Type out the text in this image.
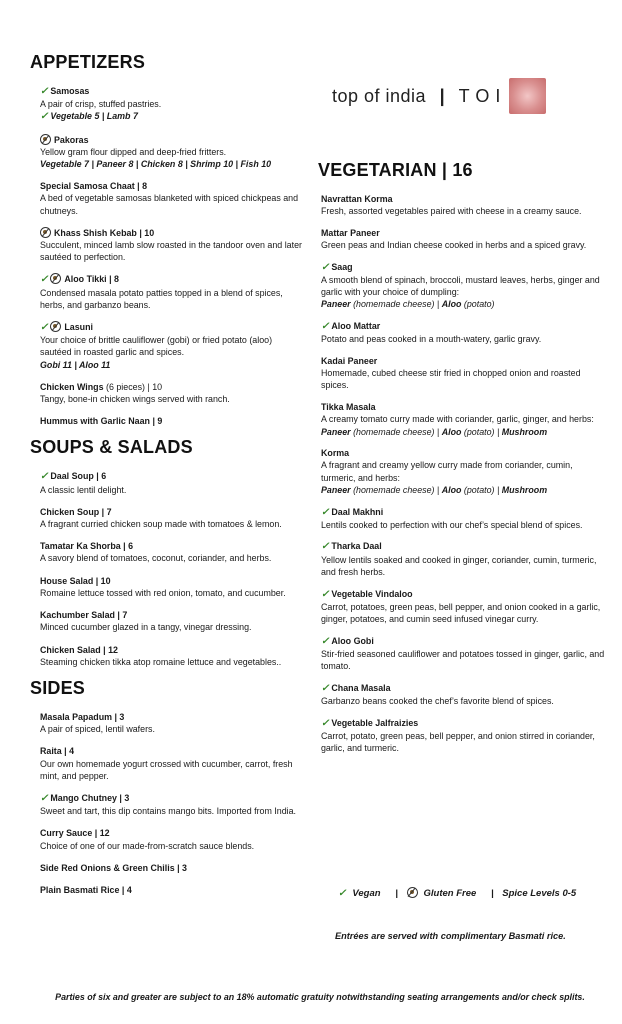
top of india | TOI
APPETIZERS
✓ Samosas
A pair of crisp, stuffed pastries.
✓ Vegetable 5 | Lamb 7
Pakoras
Yellow gram flour dipped and deep-fried fritters.
Vegetable 7 | Paneer 8 | Chicken 8 | Shrimp 10 | Fish 10
Special Samosa Chaat | 8
A bed of vegetable samosas blanketed with spiced chickpeas and chutneys.
Khass Shish Kebab | 10
Succulent, minced lamb slow roasted in the tandoor oven and later sautéed to perfection.
✓ Aloo Tikki | 8
Condensed masala potato patties topped in a blend of spices, herbs, and garbanzo beans.
✓ Lasuni
Your choice of brittle cauliflower (gobi) or fried potato (aloo) sautéed in roasted garlic and spices.
Gobi 11 | Aloo 11
Chicken Wings (6 pieces) | 10
Tangy, bone-in chicken wings served with ranch.
Hummus with Garlic Naan | 9
SOUPS & SALADS
✓ Daal Soup | 6
A classic lentil delight.
Chicken Soup | 7
A fragrant curried chicken soup made with tomatoes & lemon.
Tamatar Ka Shorba | 6
A savory blend of tomatoes, coconut, coriander, and herbs.
House Salad | 10
Romaine lettuce tossed with red onion, tomato, and cucumber.
Kachumber Salad | 7
Minced cucumber glazed in a tangy, vinegar dressing.
Chicken Salad | 12
Steaming chicken tikka atop romaine lettuce and vegetables..
SIDES
Masala Papadum | 3
A pair of spiced, lentil wafers.
Raita | 4
Our own homemade yogurt crossed with cucumber, carrot, fresh mint, and pepper.
✓ Mango Chutney | 3
Sweet and tart, this dip contains mango bits. Imported from India.
Curry Sauce | 12
Choice of one of our made-from-scratch sauce blends.
Side Red Onions & Green Chilis | 3
Plain Basmati Rice | 4
VEGETARIAN | 16
Navrattan Korma
Fresh, assorted vegetables paired with cheese in a creamy sauce.
Mattar Paneer
Green peas and Indian cheese cooked in herbs and a spiced gravy.
✓ Saag
A smooth blend of spinach, broccoli, mustard leaves, herbs, ginger and garlic with your choice of dumpling:
Paneer (homemade cheese) | Aloo (potato)
✓ Aloo Mattar
Potato and peas cooked in a mouth-watery, garlic gravy.
Kadai Paneer
Homemade, cubed cheese stir fried in chopped onion and roasted spices.
Tikka Masala
A creamy tomato curry made with coriander, garlic, ginger, and herbs:
Paneer (homemade cheese) | Aloo (potato) | Mushroom
Korma
A fragrant and creamy yellow curry made from coriander, cumin, turmeric, and herbs:
Paneer (homemade cheese) | Aloo (potato) | Mushroom
✓ Daal Makhni
Lentils cooked to perfection with our chef’s special blend of spices.
✓ Tharka Daal
Yellow lentils soaked and cooked in ginger, coriander, cumin, turmeric, and fresh herbs.
✓ Vegetable Vindaloo
Carrot, potatoes, green peas, bell pepper, and onion cooked in a garlic, ginger, potatoes, and cumin seed infused vinegar curry.
✓ Aloo Gobi
Stir-fried seasoned cauliflower and potatoes tossed in ginger, garlic, and tomato.
✓ Chana Masala
Garbanzo beans cooked the chef’s favorite blend of spices.
✓ Vegetable Jalfraizies
Carrot, potato, green peas, bell pepper, and onion stirred in coriander, garlic, and turmeric.
✓ Vegan |	Gluten Free | Spice Levels 0-5
Entrées are served with complimentary Basmati rice.
Parties of six and greater are subject to an 18% automatic gratuity notwithstanding seating arrangements and/or check splits.
